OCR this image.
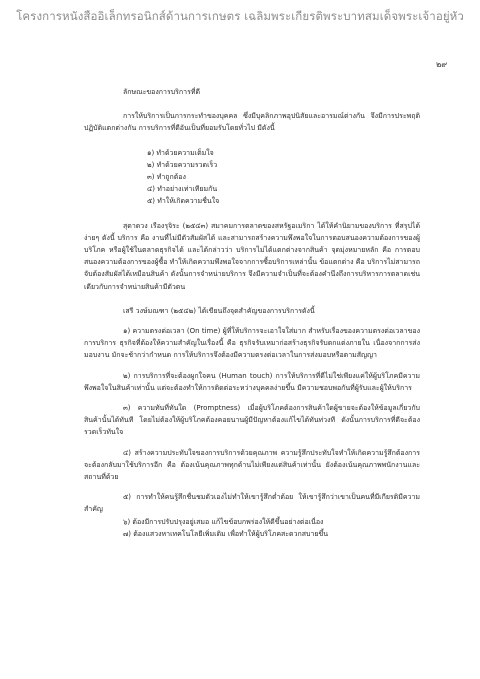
โครงการหนังสืออิเล็กทรอนิกส์ด้านการเกษตร เฉลิมพระเกียรติพระบาทสมเด็จพระเจ้าอยู่หัว
๒๙

ลักษณะของการบริการที่ดี

การให้บริการเป็นการกระทำของบุคคล ซึ่งมีบุคลิกภาพอุปนิสัยและอารมณ์ต่างกัน จึงมีการประพฤติปฏิบัติแตกต่างกัน การบริการที่ดีอันเป็นที่ยอมรับโดยทั่วไป มีดังนี้

๑) ทำด้วยความเต็มใจ

๒) ทำด้วยความรวดเร็ว

๓) ทำถูกต้อง

๔) ทำอย่างเท่าเทียมกัน

๕) ทำให้เกิดความชื่นใจ

สุดาดวง เรืองรุจิระ (๒๕๔๓) สมาคมการตลาดของสหรัฐอเมริกา ได้ให้คำนิยามของบริการ ที่สรุปได้ง่ายๆ ดังนี้ บริการ คือ งานที่ไม่มีตัวสัมผัสได้ และสามารถสร้างความพึงพอใจในการตอบสนองความต้องการของผู้บริโภค หรือผู้ใช้ในตลาดธุรกิจได้ และได้กล่าวว่า บริการไม่ได้แตกต่างจากสินค้า จุดมุ่งหมายหลัก คือ การตอบสนองความต้องการของผู้ซื้อ ทำให้เกิดความพึงพอใจจากการซื้อบริการเหล่านั้น ข้อแตกต่าง คือ บริการไม่สามารถจับต้องสัมผัสได้เหมือนสินค้า ดังนั้นการจำหน่ายบริการ จึงมีความจำเป็นที่จะต้องคำนึงถึงการบริหารการตลาดเช่นเดียวกับการจำหน่ายสินค้ามีตัวตน

เสรี วงษ์มณฑา (๒๕๔๒) ได้เขียนถึงจุดสำคัญของการบริการดังนี้

๑) ความตรงต่อเวลา (On time) ผู้ที่ให้บริการจะเอาใจใส่มาก สำหรับเรื่องของความตรงต่อเวลาของการบริการ ธุรกิจที่ต้องให้ความสำคัญในเรื่องนี้ คือ ธุรกิจรับเหมาก่อสร้างธุรกิจรับตกแต่งภายใน เนื่องจากการส่งมอบงาน มักจะช้ากว่ากำหนด การให้บริการจึงต้องมีความตรงต่อเวลาในการส่งมอบหรือตามสัญญา

๒) การบริการที่จะต้องผูกใจคน (Human touch) การให้บริการที่ดีไม่ใช่เพียงแค่ให้ผู้บริโภคมีความพึงพอใจในสินค้าเท่านั้น แต่จะต้องทำให้การติดต่อระหว่างบุคคลง่ายขึ้น มีความชอบพอกันที่ผู้รับและผู้ให้บริการ

๓) ความทันที่ทันใด (Promptness) เมื่อผู้บริโภคต้องการสินค้าใดผู้ขายจะต้องให้ข้อมูลเกี่ยวกับสินค้านั้นได้ทันที โดยไม่ต้องให้ผู้บริโภคต้องคอยนานผู้มีปัญหาต้องแก้ไขได้ทันท่วงที ดังนั้นการบริการที่ดีจะต้องรวดเร็วทันใจ

๔) สร้างความประทับใจของการบริการด้วยคุณภาพ ความรู้สึกประทับใจทำให้เกิดความรู้สึกต้องการจะต้องกลับมาใช้บริการอีก คือ ต้องเน้นคุณภาพทุกด้านไม่เพียงแต่สินค้าเท่านั้น ยังต้องเน้นคุณภาพพนักงานและสถานที่ด้วย

๕) การทำให้คนรู้สึกชื่นชมตัวเองไม่ทำให้เขารู้สึกต่ำต้อย ให้เขารู้สึกว่าเขาเป็นคนที่มีเกียรติมีความสำคัญ

๖) ต้องมีการปรับปรุงอยู่เสมอ แก้ไขข้อบกพร่องให้ดีขึ้นอย่างต่อเนื่อง

๗) ต้องแสวงหาเทคโนโลยีเพิ่มเติม เพื่อทำให้ผู้บริโภคสะดวกสบายขึ้น
